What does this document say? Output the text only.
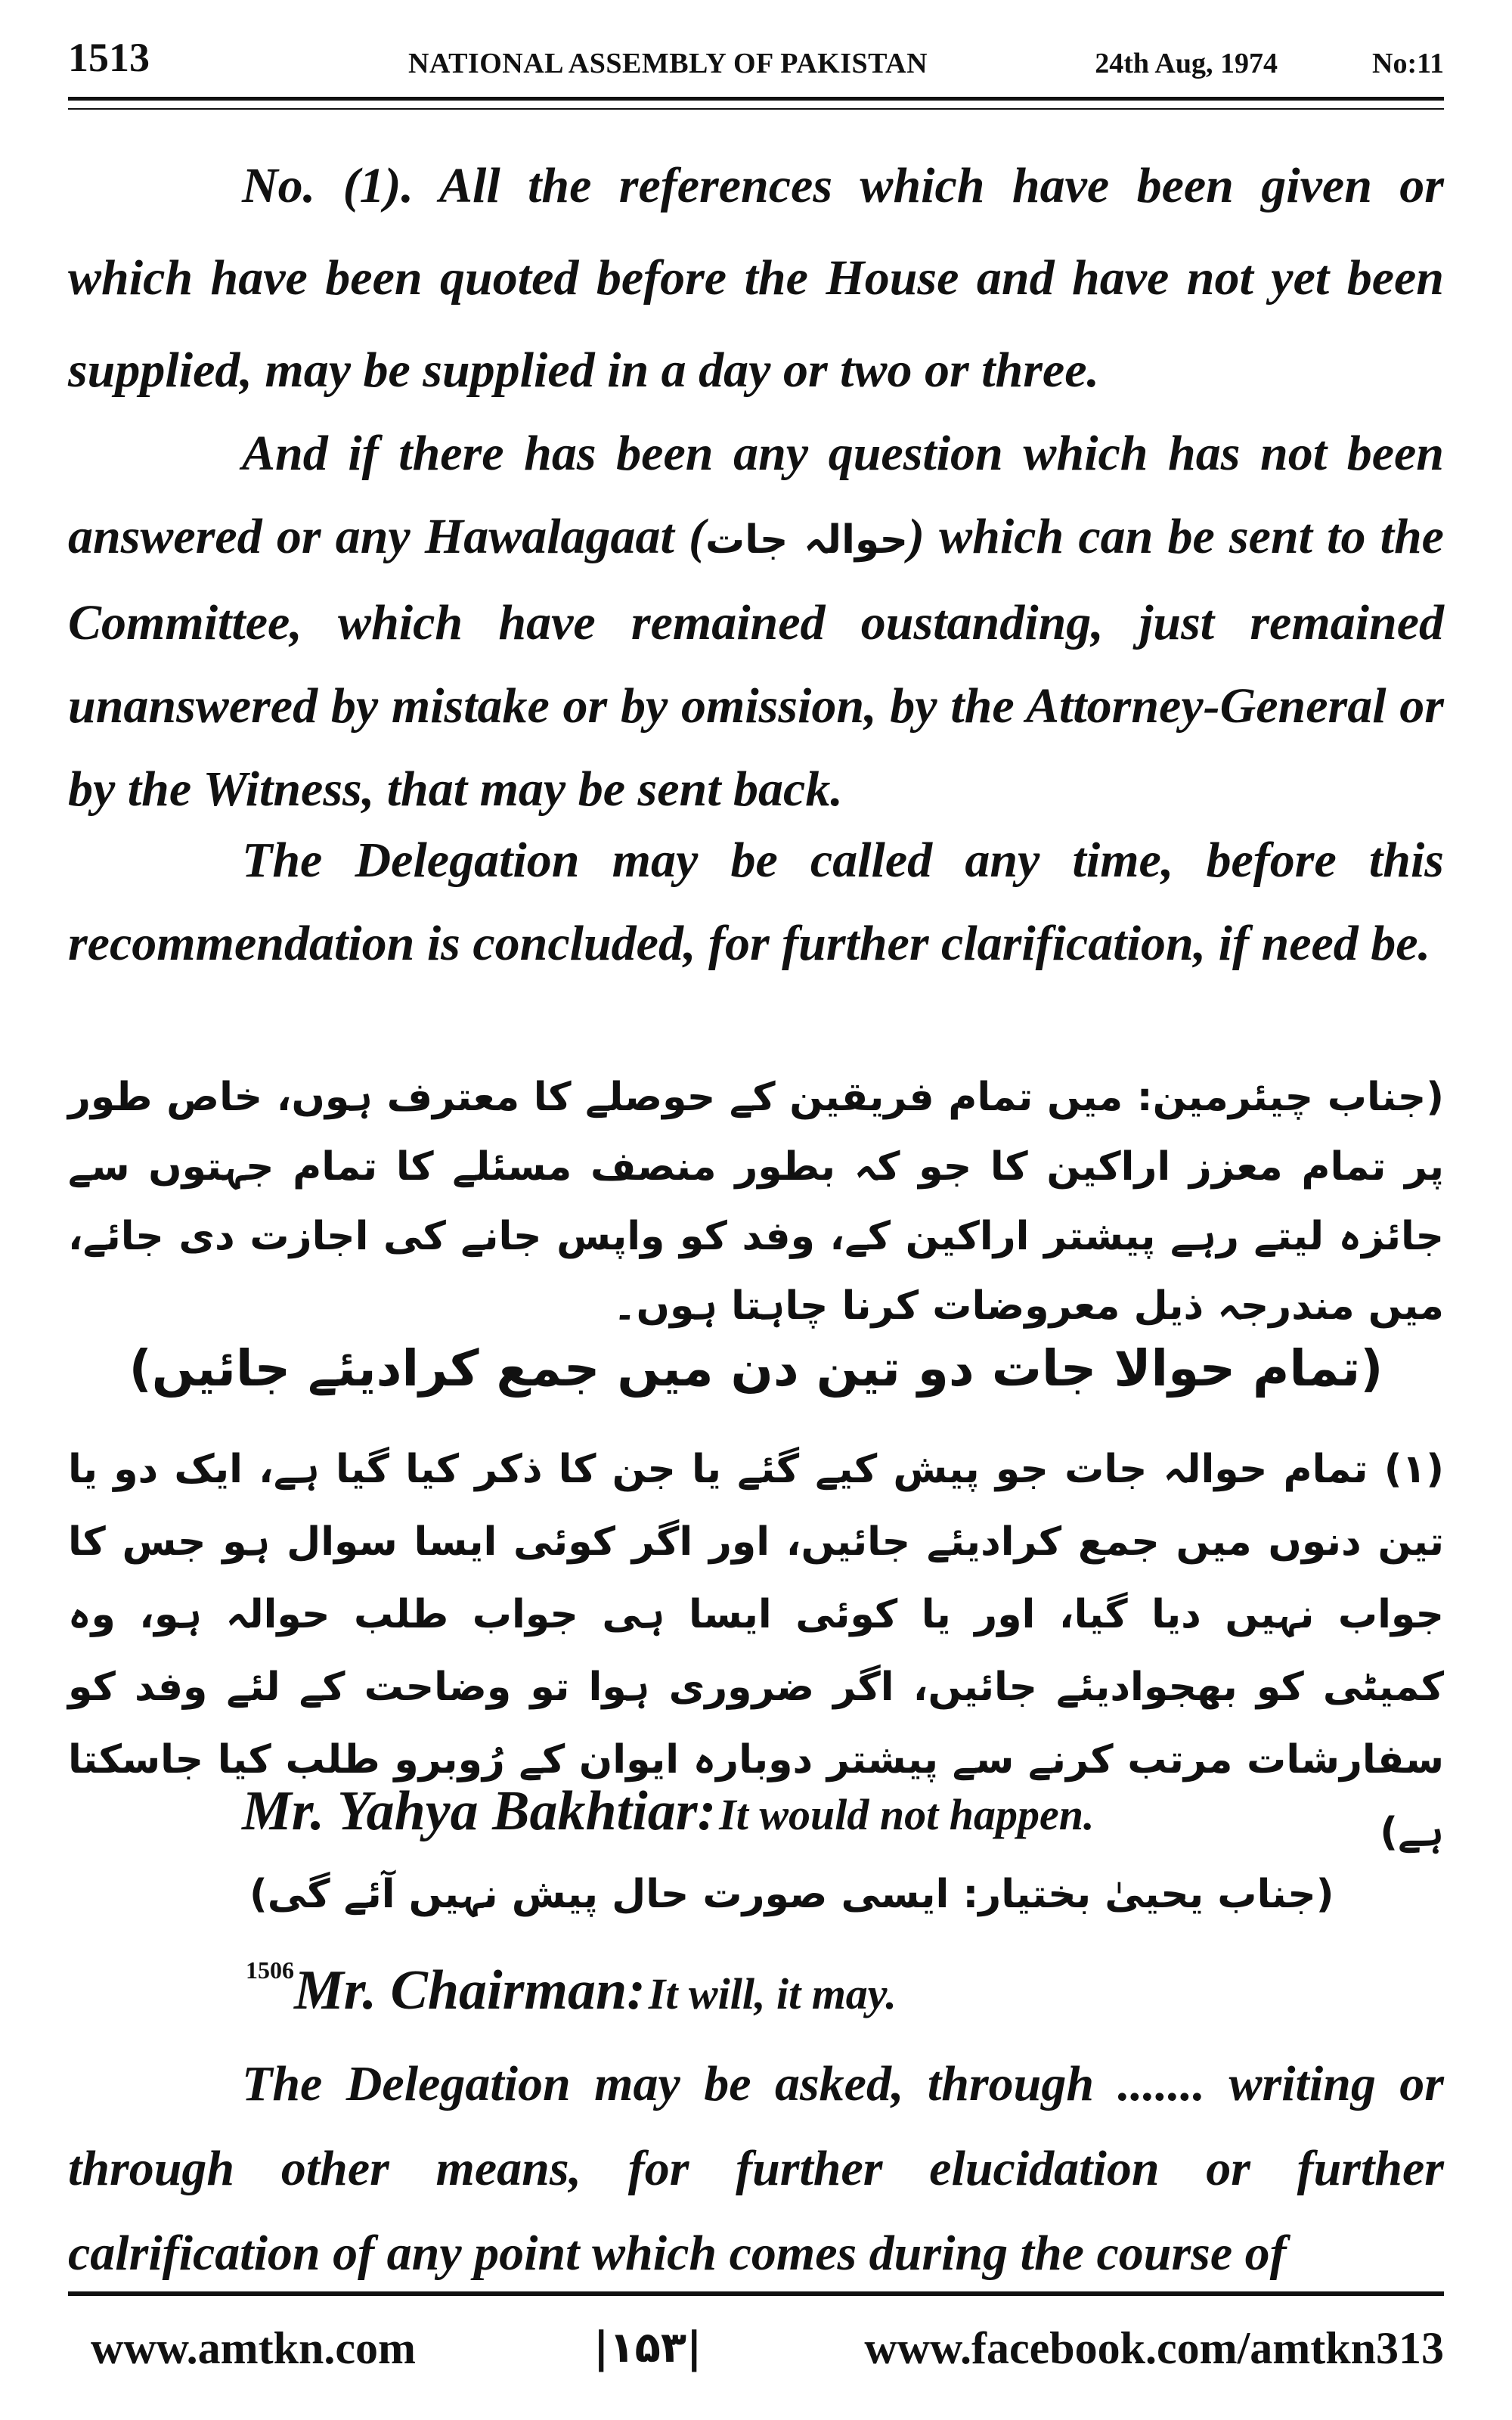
1513	NATIONAL ASSEMBLY OF PAKISTAN	24th Aug, 1974	No:11

No. (1). All the references which have been given or which have been quoted before the House and have not yet been supplied, may be supplied in a day or two or three.

And if there has been any question which has not been answered or any Hawalagaat (حوالہ جات) which can be sent to the Committee, which have remained oustanding, just remained unanswered by mistake or by omission, by the Attorney-General or by the Witness, that may be sent back.

The Delegation may be called any time, before this recommendation is concluded, for further clarification, if need be.

(جناب چیئرمین: میں تمام فریقین کے حوصلے کا معترف ہوں، خاص طور پر تمام معزز اراکین کا جو کہ بطور منصف مسئلے کا تمام جہتوں سے جائزہ لیتے رہے پیشتر اراکین کے، وفد کو واپس جانے کی اجازت دی جائے، میں مندرجہ ذیل معروضات کرنا چاہتا ہوں۔

(تمام حوالا جات دو تین دن میں جمع کرادیئے جائیں)

(۱) تمام حوالہ جات جو پیش کیے گئے یا جن کا ذکر کیا گیا ہے، ایک دو یا تین دنوں میں جمع کرادیئے جائیں، اور اگر کوئی ایسا سوال ہو جس کا جواب نہیں دیا گیا، اور یا کوئی ایسا ہی جواب طلب حوالہ ہو، وہ کمیٹی کو بھجوادیئے جائیں، اگر ضروری ہوا تو وضاحت کے لئے وفد کو سفارشات مرتب کرنے سے پیشتر دوبارہ ایوان کے رُوبرو طلب کیا جاسکتا ہے)

Mr. Yahya Bakhtiar: It would not happen.

(جناب یحییٰ بختیار: ایسی صورت حال پیش نہیں آئے گی)

1506Mr. Chairman: It will, it may.

The Delegation may be asked, through ....... writing or through other means, for further elucidation or further calrification of any point which comes during the course of

www.amtkn.com	|۱۵۳|	www.facebook.com/amtkn313
